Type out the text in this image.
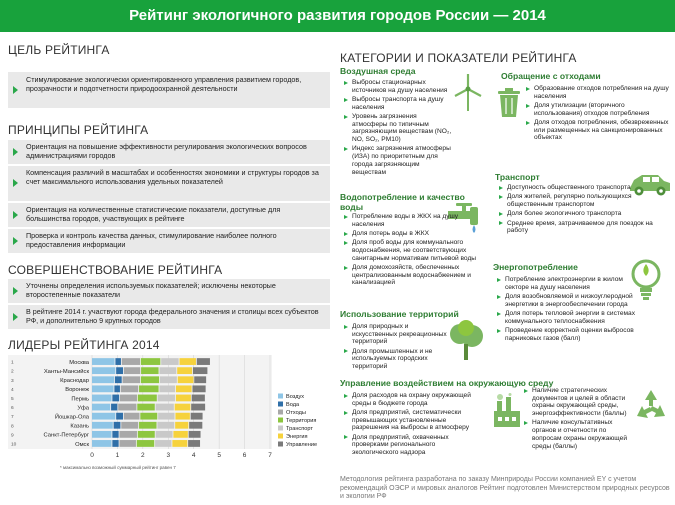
Рейтинг экологичного развития городов России — 2014
ЦЕЛЬ РЕЙТИНГА
Стимулирование экологически ориентированного управления развитием городов, прозрачности и подотчетности природоохранной деятельности
ПРИНЦИПЫ РЕЙТИНГА
Ориентация на повышение эффективности регулирования экологических вопросов администрациями городов
Компенсация различий в масштабах и особенностях экономики и структуры городов за счет максимального использования удельных показателей
Ориентация на количественные статистические показатели, доступные для большинства городов, участвующих в рейтинге
Проверка и контроль качества данных, стимулирование наиболее полного предоставления информации
СОВЕРШЕНСТВОВАНИЕ РЕЙТИНГА
Уточнены определения используемых показателей; исключены некоторые второстепенные показатели
В рейтинге 2014 г. участвуют города федерального значения и столицы всех субъектов РФ, и дополнительно 9 крупных городов
ЛИДЕРЫ РЕЙТИНГА 2014
0	1	2	3	4	5	6	7
1	Москва
2	Ханты-Мансийск
3	Краснодар
4	Воронеж
5	Пермь
6	Уфа
7	Йошкар-Ола
8	Казань
9	Санкт-Петербург
10	Омск
Воздух
Вода
Отходы
Территория
Транспорт
Энергия
Управление
* максимально возможный суммарный рейтинг равен 7
КАТЕГОРИИ И ПОКАЗАТЕЛИ РЕЙТИНГА
Воздушная среда
Выбросы стационарных источников на душу населения
Выбросы транспорта на душу населения
Уровень загрязнения атмосферы по типичным загрязняющим веществам (NO₂, NO, SO₂, PM10)
Индекс загрязнения атмосферы (ИЗА) по приоритетным для города загрязняющим веществам
Обращение с отходами
Образование отходов потребления на душу населения
Доля утилизации (вторичного использования) отходов потребления
Доля отходов потребления, обезвреженных или размещенных на санкционированных объектах
Водопотребление и качество воды
Потребление воды в ЖКХ на душу населения
Доля потерь воды в ЖКХ
Доля проб воды для коммунального водоснабжения, не соответствующих санитарным нормативам питьевой воды
Доля домохозяйств, обеспеченных централизованным водоснабжением и канализацией
Транспорт
Доступность общественного транспорта
Доля жителей, регулярно пользующихся общественным транспортом
Доля более экологичного транспорта
Среднее время, затрачиваемое для поездок на работу
Использование территорий
Доля природных и искусственных рекреационных территорий
Доля промышленных и не используемых городских территорий
Энергопотребление
Потребление электроэнергии в жилом секторе на душу населения
Доля возобновляемой и низкоуглеродной энергетики в энергообеспечении города
Доля потерь тепловой энергии в системах коммунального теплоснабжения
Проведение корректной оценки выбросов парниковых газов (балл)
Управление воздействием на окружающую среду
Доля расходов на охрану окружающей среды в бюджете города
Доля предприятий, систематически превышающих установленные разрешения на выбросы в атмосферу
Доля предприятий, охваченных проверками регионального экологического надзора
Наличие стратегических документов и целей в области охраны окружающей среды, энергоэффективности (баллы)
Наличие консультативных органов и отчетности по вопросам охраны окружающей среды (баллы)
Методология рейтинга разработана по заказу Минприроды России компанией EY с учетом рекомендаций ОЭСР и мировых аналогов Рейтинг подготовлен Министерством природных ресурсов и экологии РФ
